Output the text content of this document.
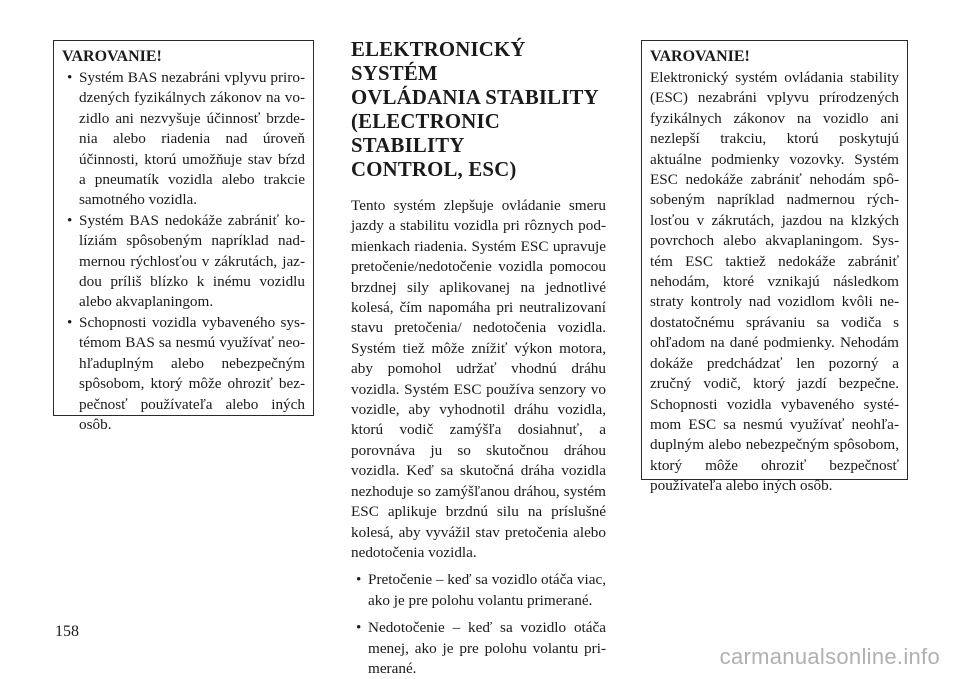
VAROVANIE!
• Systém BAS nezabráni vplyvu prirodzených fyzikálnych zákonov na vozidlo ani nezvyšuje účinnosť brzdenia alebo riadenia nad úroveň účinnosti, ktorú umožňuje stav bŕzd a pneumatík vozidla alebo trakcie samotného vozidla.
• Systém BAS nedokáže zabrániť kolíziám spôsobeným napríklad nadmernou rýchlosťou v zákrutách, jazdou príliš blízko k inému vozidlu alebo akvaplaningom.
• Schopnosti vozidla vybaveného systémom BAS sa nesmú využívať neohľaduplným alebo nebezpečným spôsobom, ktorý môže ohroziť bezpečnosť používateľa alebo iných osôb.
ELEKTRONICKÝ SYSTÉM
OVLÁDANIA STABILITY
(ELECTRONIC STABILITY
CONTROL, ESC)

Tento systém zlepšuje ovládanie smeru jazdy a stabilitu vozidla pri rôznych podmienkach riadenia. Systém ESC upravuje pretočenie/nedotočenie vozidla pomocou brzdnej sily aplikovanej na jednotlivé kolesá, čím napomáha pri neutralizovaní stavu pretočenia/ nedotočenia vozidla. Systém tiež môže znížiť výkon motora, aby pomohol udržať vhodnú dráhu vozidla. Systém ESC používa senzory vo vozidle, aby vyhodnotil dráhu vozidla, ktorú vodič zamýšľa dosiahnuť, a porovnáva ju so skutočnou dráhou vozidla. Keď sa skutočná dráha vozidla nezhoduje so zamýšľanou dráhou, systém ESC aplikuje brzdnú silu na príslušné kolesá, aby vyvážil stav pretočenia alebo nedotočenia vozidla.

• Pretočenie – keď sa vozidlo otáča viac, ako je pre polohu volantu primerané.
• Nedotočenie – keď sa vozidlo otáča menej, ako je pre polohu volantu primerané.
VAROVANIE!

Elektronický systém ovládania stability (ESC) nezabráni vplyvu prírodzených fyzikálnych zákonov na vozidlo ani nezlepší trakciu, ktorú poskytujú aktuálne podmienky vozovky. Systém ESC nedokáže zabrániť nehodám spôsobeným napríklad nadmernou rýchlosťou v zákrutách, jazdou na klzkých povrchoch alebo akvaplaningom. Systém ESC taktiež nedokáže zabrániť nehodám, ktoré vznikajú následkom straty kontroly nad vozidlom kvôli nedostatočnému správaniu sa vodiča s ohľadom na dané podmienky. Nehodám dokáže predchádzať len pozorný a zručný vodič, ktorý jazdí bezpečne. Schopnosti vozidla vybaveného systémom ESC sa nesmú využívať neohľaduplným alebo nebezpečným spôsobom, ktorý môže ohroziť bezpečnosť používateľa alebo iných osôb.

158
carmanualsonline.info
